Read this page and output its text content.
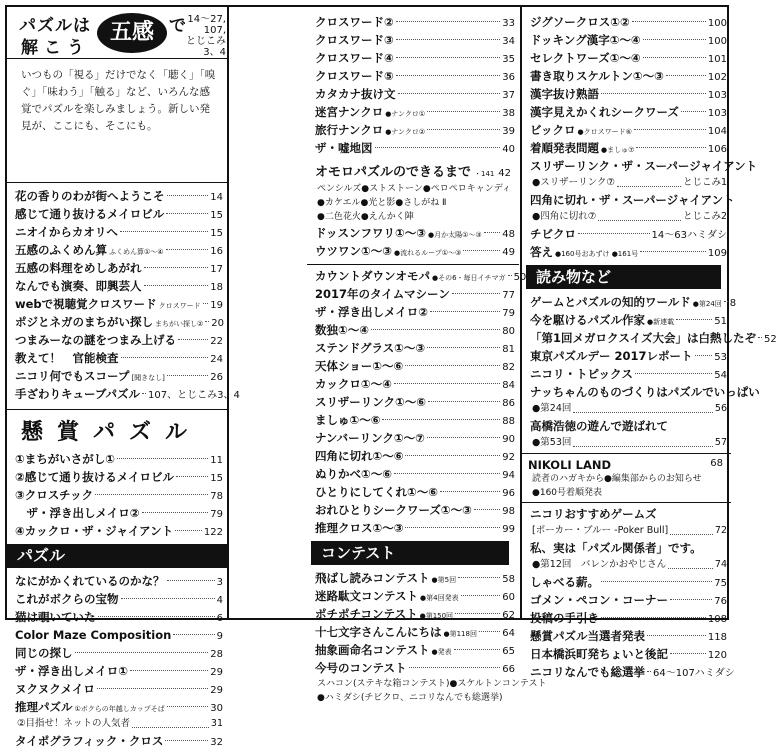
パズルは 五感 で
解こう
14〜27,
107,
とじこみ3、4
いつもの「視る」だけでなく「聴く」「嗅ぐ」「味わう」「触る」など、いろんな感覚でパズルを楽しみましょう。新しい発見が、ここにも、そこにも。
花の香りのわが街へようこそ	14
感じて通り抜けるメイロビル	15
ニオイからカオリへ	15
五感のふくめん算 ふくめん算①〜④	16
五感の料理をめしあがれ	17
なんでも演奏、即興芸人	18
webで視聴覚クロスワード クロスワード 19
ポジとネガのまちがい探し まちがい探し② 20
つまみーなの謎をつまみ上げる	22
教えて！　官能検査	24
ニコリ何でもスコープ [聞きなし]	26
手ざわりキューブパズル 107、とじこみ3、4
懸賞パズル
①まちがいさがし①	11
②感じて通り抜けるメイロビル	15
③クロスチック	78
　ザ・浮き出しメイロ②	79
④カックロ・ザ・ジャイアント	122
パズル
なにがかくれているのかな？	3
これがボクらの宝物	4
猫は覗いていた	6
Color Maze Composition	9
同じの探し	28
ザ・浮き出しメイロ①	29
ヌクヌクメイロ	29
推理パズル ①ボクらの年越しカップそば	30
②目指せ！ネットの人気者	31
タイポグラフィック・クロス	32
クロスワード②	33
クロスワード③	34
クロスワード④	35
クロスワード⑤	36
カタカナ抜け文	37
迷宮ナンクロ ●ナンクロ①	38
旅行ナンクロ ●ナンクロ②	39
ザ・嘘地図	40
オモロパズルのできるまで ・141 42
ペンシルズ●ストストーン●ペロペロキャンディ
●カケエル●光と影●さしがね Ⅱ
●二色花火●えんかく陣
ドッスンフワリ①〜③ ●月か太陽①〜③ 48
ウツワン①〜③ ●流れるループ①〜③	49
カウントダウンオモパ ●その6・毎日イチマガ 50
2017年のタイムマシーン	77
ザ・浮き出しメイロ②	79
数独①〜④	80
ステンドグラス①〜③	81
天体ショー①〜⑥	82
カックロ①〜④	84
スリザーリンク①〜⑥	86
ましゅ①〜⑥	88
ナンバーリンク①〜⑦	90
四角に切れ①〜⑥	92
ぬりかべ①〜⑥	94
ひとりにしてくれ①〜⑥	96
おれひとりシークワーズ①〜③	98
推理クロス①〜③	99
コンテスト
飛ばし読みコンテスト ●第5回	58
迷路駄文コンテスト ●第4回発表	60
ポチポチコンテスト ●第150回	62
十七文字さんこんにちは ●第118回	64
抽象画命名コンテスト ●発表	65
今号のコンテスト	66
スハコン(ステキな箱コンテスト)●スケルトンコンテスト
●ハミダシ(チビクロ、ニコリなんでも総選挙)
ジグソークロス①②	100
ドッキング漢字①〜④	100
セレクトワーズ①〜④	101
書き取りスケルトン①〜③	102
漢字抜け熟語	103
漢字見えかくれシークワーズ	103
ビックロ ●クロスワード⑥	104
着順発表問題 ●ましゅ⑦	106
スリザーリンク・ザ・スーパージャイアント
●スリザーリンク⑦	とじこみ1
四角に切れ・ザ・スーパージャイアント
●四角に切れ⑦	とじこみ2
チビクロ	14〜63ハミダシ
答え ●160号おあずけ ●161号	109
読み物など
ゲームとパズルの知的ワールド ●第24回 8
今を駆けるパズル作家 ●新連載	51
「第1回メガロクスイズ大会」は白熱したぞ 52
東京パズルデー 2017レポート 53
ニコリ・トピックス	54
ナッちゃんのものづくりはパズルでいっぱい
●第24回	56
高橋浩徳の遊んで遊ばれて
●第53回	57
NIKOLI LAND	68
読者のハガキから●編集部からのお知らせ
●160号着順発表
ニコリおすすめゲームズ
[ポーカー・ブルー -Poker Bull]	72
私、実は「パズル関係者」です。
●第12回　バレンかおやじさん	74
しゃべる薪。	75
ゴメン・ペコン・コーナー	76
投稿の手引き	108
懸賞パズル当選者発表	118
日本橋浜町発ちょいと後記	120
ニコリなんでも総選挙 64〜107ハミダシ
